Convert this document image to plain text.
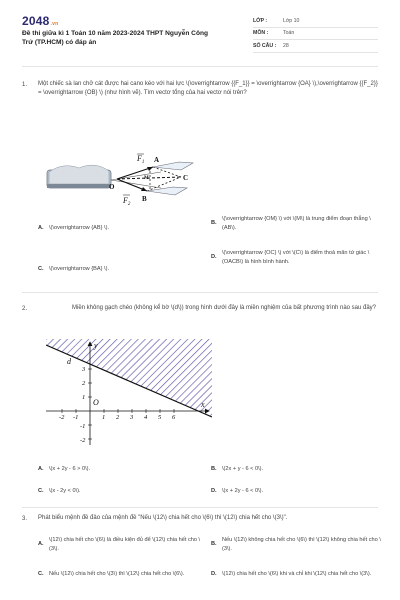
2048.vn
Đề thi giữa kì 1 Toán 10 năm 2023-2024 THPT Nguyễn Công Trứ (TP.HCM) có đáp án
LỚP :	Lớp 10
MÔN :	Toán
SỐ CÂU :	28
1. Một chiếc sà lan chở cát được hai cano kéo với hai lực \(\overrightarrow {{F_1}} = \overrightarrow {OA} \),\overrightarrow {{F_2}} = \overrightarrow {OB} \) (như hình vẽ). Tìm vectơ tổng của hai vectơ nói trên?
$F_1$
$F_2$
A
B
C
O
M
A. \(\overrightarrow {AB} \).
B.
\(\overrightarrow {OM} \) với \(M\) là trung điểm đoạn thẳng \(AB\).
C. \(\overrightarrow {BA} \).
D.
\(\overrightarrow {OC} \) với \(C\) là điểm thoả mãn tứ giác \(OACB\) là hình bình hành.
2.	Miền không gạch chéo (không kể bờ \(d\)) trong hình dưới đây là miền nghiệm của bất phương trình nào sau đây?
-2 -1	1 2 3 4 5 6
3
2
1
-1
-2
O
d
y
x
A. \(x + 2y - 6 > 0\).	B. \(2x + y - 6 < 0\).
C. \(x - 2y < 0\).	D. \(x + 2y - 6 < 0\).
3. Phát biểu mệnh đề đảo của mệnh đề "Nếu \(12\) chia hết cho \(6\) thì \(12\) chia hết cho \(3\)".
A.
\(12\) chia hết cho \(6\) là điều kiện đủ để \(12\) chia hết cho \(3\).
B.
Nếu \(12\) không chia hết cho \(6\) thì \(12\) không chia hết cho \(3\).
C. Nếu \(12\) chia hết cho \(3\) thì \(12\) chia hết cho \(6\).	D. \(12\) chia hết cho \(6\) khi và chỉ khi \(12\) chia hết cho \(3\).
